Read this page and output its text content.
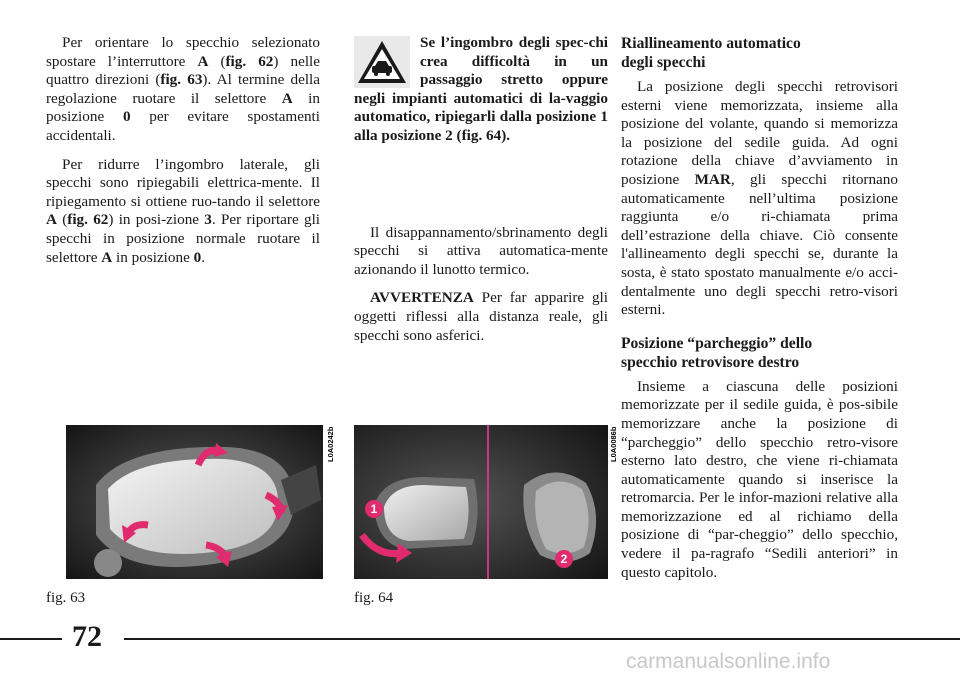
Per orientare lo specchio selezionato spostare l’interruttore A (fig. 62) nelle quattro direzioni (fig. 63). Al termine della regolazione ruotare il selettore A in posizione 0 per evitare spostamenti accidentali.

Per ridurre l’ingombro laterale, gli specchi sono ripiegabili elettrica-mente. Il ripiegamento si ottiene ruo-tando il selettore A (fig. 62) in posi-zione 3. Per riportare gli specchi in posizione normale ruotare il selettore A in posizione 0.

Se l’ingombro degli spec-chi crea difficoltà in un passaggio stretto oppure negli impianti automatici di la-vaggio automatico, ripiegarli dalla posizione 1 alla posizione 2 (fig. 64).

Il disappannamento/sbrinamento degli specchi si attiva automatica-mente azionando il lunotto termico.

AVVERTENZA Per far apparire gli oggetti riflessi alla distanza reale, gli specchi sono asferici.

Riallineamento automatico
degli specchi

La posizione degli specchi retrovisori esterni viene memorizzata, insieme alla posizione del volante, quando si memorizza la posizione del sedile guida. Ad ogni rotazione della chiave d’avviamento in posizione MAR, gli specchi ritornano automaticamente nell’ultima posizione raggiunta e/o ri-chiamata prima dell’estrazione della chiave. Ciò consente l'allineamento degli specchi se, durante la sosta, è stato spostato manualmente e/o acci-dentalmente uno degli specchi retro-visori esterni.

Posizione “parcheggio” dello
specchio retrovisore destro

Insieme a ciascuna delle posizioni memorizzate per il sedile guida, è pos-sibile memorizzare anche la posizione di “parcheggio” dello specchio retro-visore esterno lato destro, che viene ri-chiamata automaticamente quando si inserisce la retromarcia. Per le infor-mazioni relative alla memorizzazione ed al richiamo della posizione di “par-cheggio” dello specchio, vedere il pa-ragrafo “Sedili anteriori” in questo capitolo.

L0A0242b
fig. 63
1
2
L0A0086b
fig. 64
72
carmanualsonline.info
